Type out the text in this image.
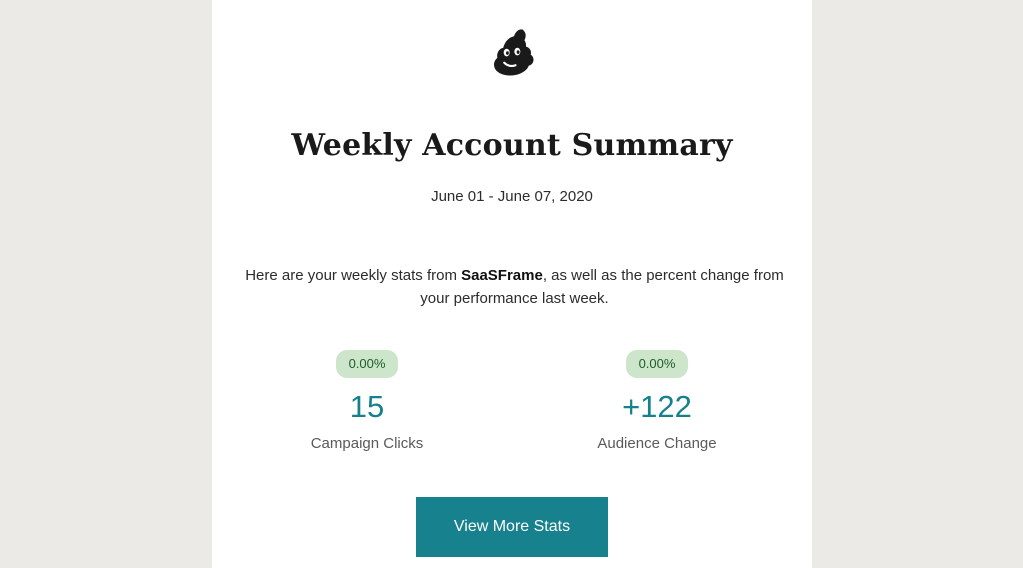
Weekly Account Summary
June 01 - June 07, 2020

Here are your weekly stats from SaaSFrame, as well as the percent change from your performance last week.

0.00%
15
Campaign Clicks
0.00%
+122
Audience Change
View More Stats
